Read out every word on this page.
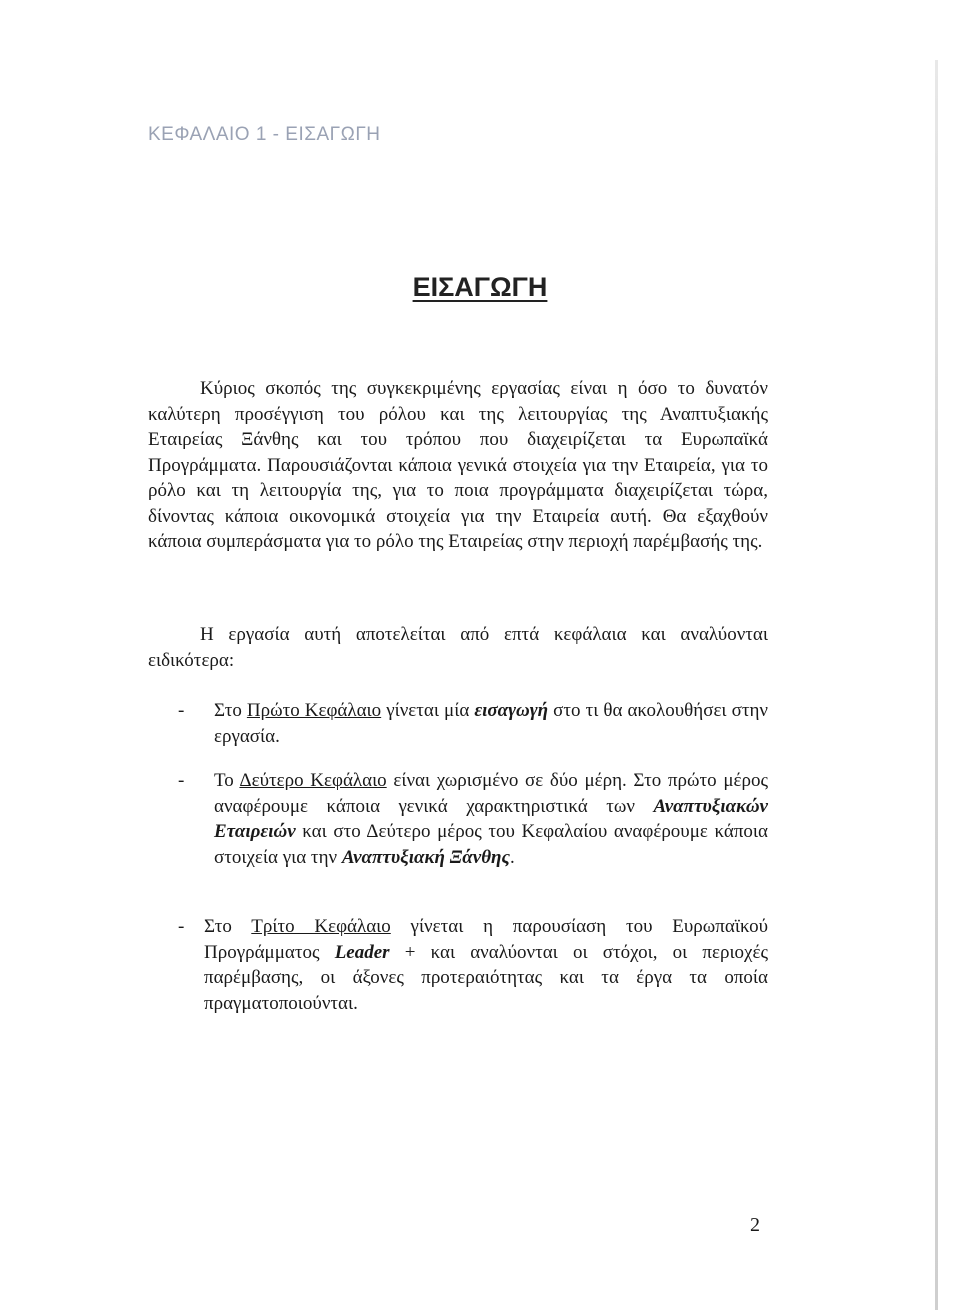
ΚΕΦΑΛΑΙΟ 1 - ΕΙΣΑΓΩΓΗ
ΕΙΣΑΓΩΓΗ

Κύριος σκοπός της συγκεκριμένης εργασίας είναι η όσο το δυνατόν καλύτερη προσέγγιση του ρόλου και της λειτουργίας της Αναπτυξιακής Εταιρείας Ξάνθης και του τρόπου που διαχειρίζεται τα Ευρωπαϊκά Προγράμματα. Παρουσιάζονται κάποια γενικά στοιχεία για την Εταιρεία, για το ρόλο και τη λειτουργία της, για το ποια προγράμματα διαχειρίζεται τώρα, δίνοντας κάποια οικονομικά στοιχεία για την Εταιρεία αυτή. Θα εξαχθούν κάποια συμπεράσματα για το ρόλο της Εταιρείας στην περιοχή παρέμβασής της.

Η εργασία αυτή αποτελείται από επτά κεφάλαια και αναλύονται ειδικότερα:

-	Στο Πρώτο Κεφάλαιο γίνεται μία εισαγωγή στο τι θα ακολουθήσει στην εργασία.
-	Το Δεύτερο Κεφάλαιο είναι χωρισμένο σε δύο μέρη. Στο πρώτο μέρος αναφέρουμε κάποια γενικά χαρακτηριστικά των Αναπτυξιακών Εταιρειών και στο Δεύτερο μέρος του Κεφαλαίου αναφέρουμε κάποια στοιχεία για την Αναπτυξιακή Ξάνθης.
-	Στο Τρίτο Κεφάλαιο γίνεται η παρουσίαση του Ευρωπαϊκού Προγράμματος Leader + και αναλύονται οι στόχοι, οι περιοχές παρέμβασης, οι άξονες προτεραιότητας και τα έργα τα οποία πραγματοποιούνται.
2
